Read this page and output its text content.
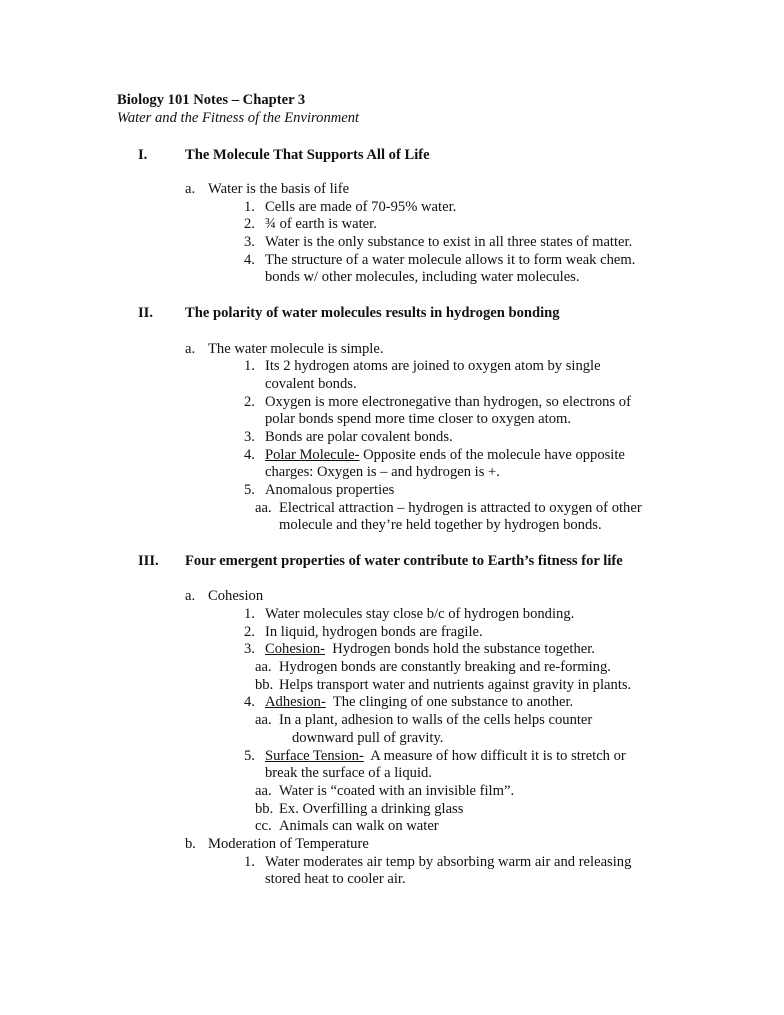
Biology 101 Notes – Chapter 3
Water and the Fitness of the Environment
I.	The Molecule That Supports All of Life
a. Water is the basis of life
1. Cells are made of 70-95% water.
2. ¾ of earth is water.
3. Water is the only substance to exist in all three states of matter.
4. The structure of a water molecule allows it to form weak chem.
bonds w/ other molecules, including water molecules.
II. The polarity of water molecules results in hydrogen bonding
a. The water molecule is simple.
1. Its 2 hydrogen atoms are joined to oxygen atom by single
covalent bonds.
2. Oxygen is more electronegative than hydrogen, so electrons of
polar bonds spend more time closer to oxygen atom.
3. Bonds are polar covalent bonds.
4. Polar Molecule- Opposite ends of the molecule have opposite
charges: Oxygen is – and hydrogen is +.
5. Anomalous properties
aa. Electrical attraction – hydrogen is attracted to oxygen of other
molecule and they’re held together by hydrogen bonds.
III. Four emergent properties of water contribute to Earth’s fitness for life
a. Cohesion
1. Water molecules stay close b/c of hydrogen bonding.
2. In liquid, hydrogen bonds are fragile.
3. Cohesion-  Hydrogen bonds hold the substance together.
aa. Hydrogen bonds are constantly breaking and re-forming.
bb. Helps transport water and nutrients against gravity in plants.
4. Adhesion-  The clinging of one substance to another.
aa. In a plant, adhesion to walls of the cells helps counter
downward pull of gravity.
5. Surface Tension-  A measure of how difficult it is to stretch or
break the surface of a liquid.
aa. Water is “coated with an invisible film”.
bb. Ex. Overfilling a drinking glass
cc. Animals can walk on water
b. Moderation of Temperature
1. Water moderates air temp by absorbing warm air and releasing
stored heat to cooler air.
